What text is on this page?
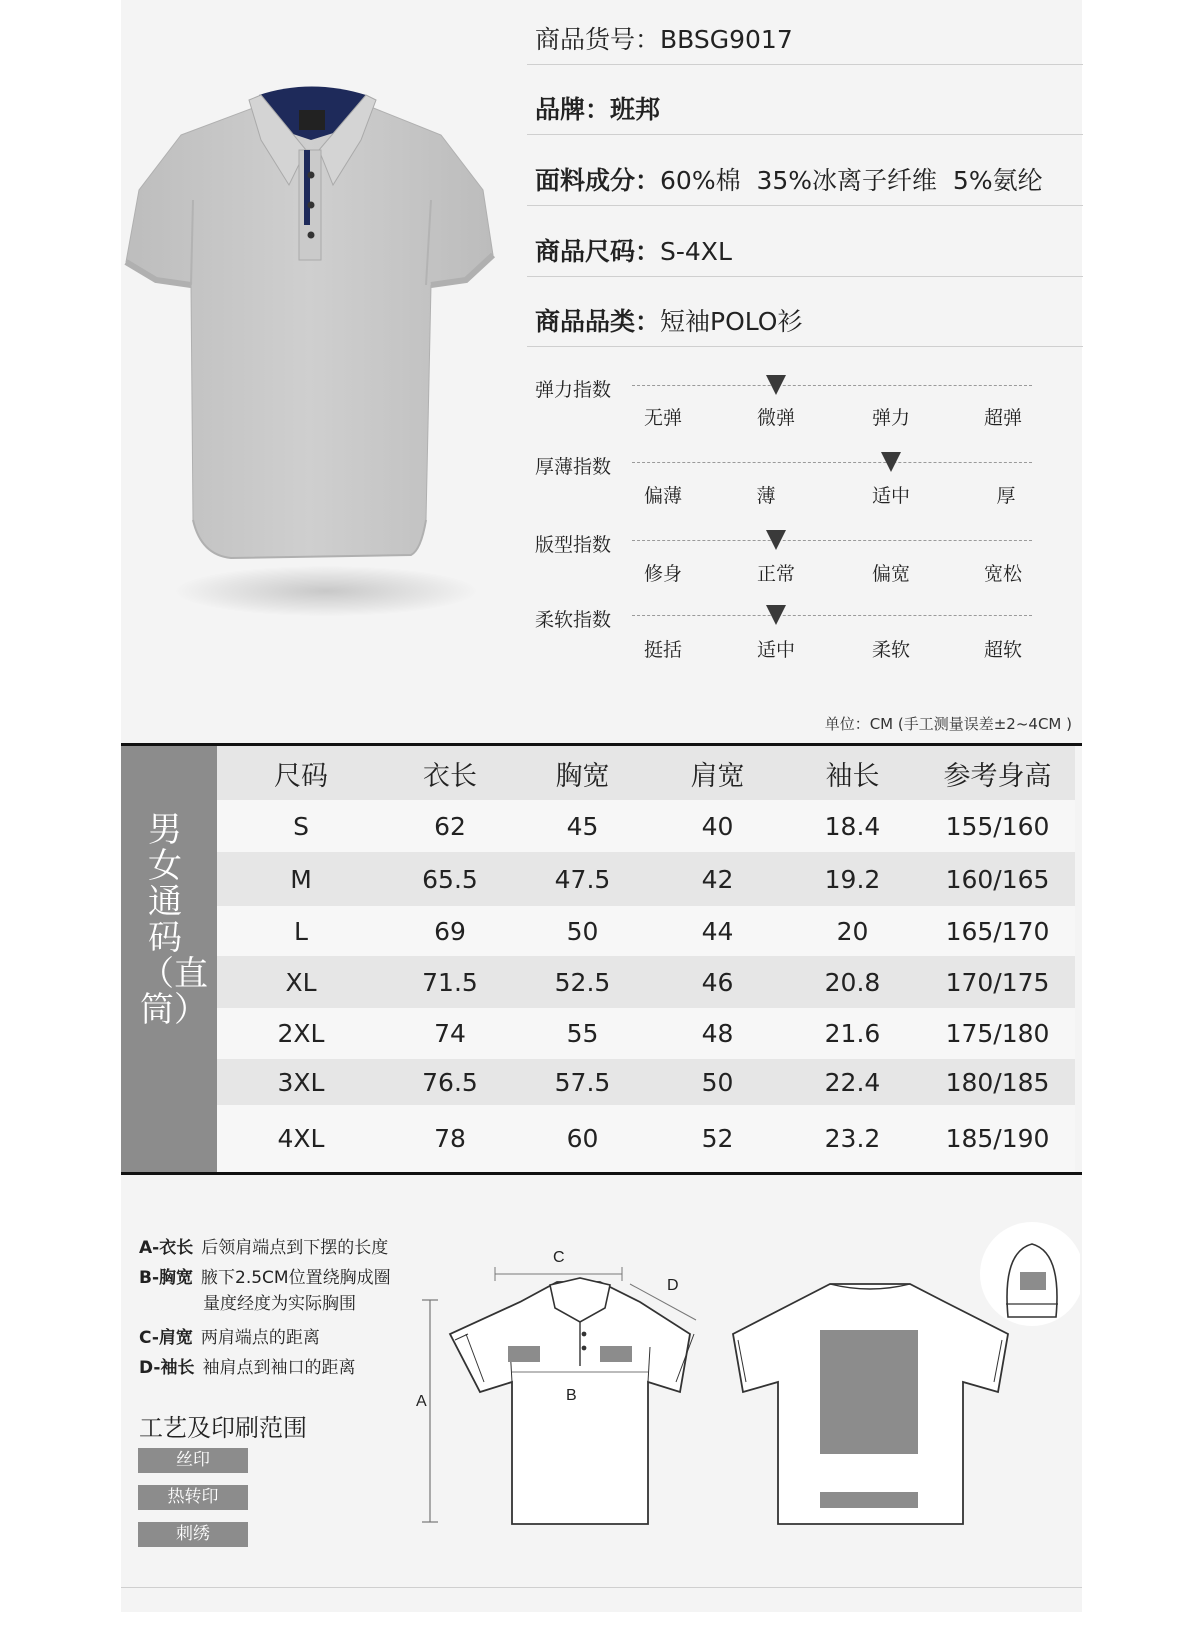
商品货号：BBSG9017
品牌：班邦
面料成分：60%棉  35%冰离子纤维  5%氨纶
商品尺码：S-4XL
商品品类：短袖POLO衫
弹力指数
无弹	微弹	弹力	超弹
厚薄指数
偏薄	薄	适中	厚
版型指数
修身	正常	偏宽	宽松
柔软指数
挺括	适中	柔软	超软
单位：CM (手工测量误差±2~4CM )
男女通码（直筒）
尺码	衣长	胸宽	肩宽	袖长	参考身高
S	62	45	40	18.4	155/160
M	65.5	47.5	42	19.2	160/165
L	69	50	44	20	165/170
XL	71.5	52.5	46	20.8	170/175
2XL	74	55	48	21.6	175/180
3XL	76.5	57.5	50	22.4	180/185
4XL	78	60	52	23.2	185/190
A-衣长 后领肩端点到下摆的长度
B-胸宽 腋下2.5CM位置绕胸成圈
量度经度为实际胸围
C-肩宽 两肩端点的距离
D-袖长 袖肩点到袖口的距离
工艺及印刷范围
丝印
热转印
刺绣
A	B
C
D
